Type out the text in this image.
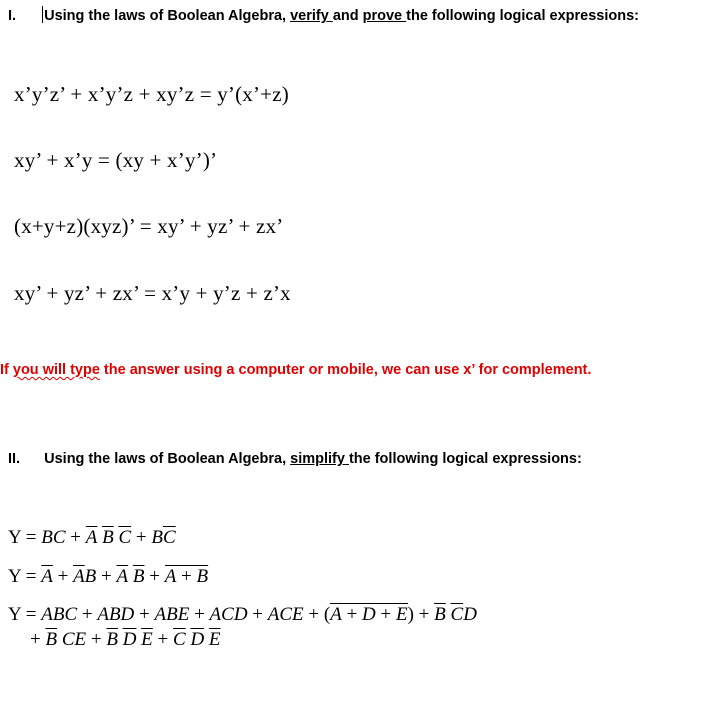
I. Using the laws of Boolean Algebra, verify and prove the following logical expressions:
x’y’z’ + x’y’z + xy’z = y’(x’+z)
xy’ + x’y = (xy + x’y’)’
(x+y+z)(xyz)’ = xy’ + yz’ + zx’
xy’ + yz’ + zx’ = x’y + y’z + z’x
If you will type the answer using a computer or mobile, we can use x’ for complement.
II. Using the laws of Boolean Algebra, simplify the following logical expressions:
Y = BC + $\overline{A}$ $\overline{B}$ $\overline{C} + B\overline{C}$
$Y = \overline{A} + \overline{A}B + \overline{A}$ $\overline{B} + A + \overline{B}$
Y = ABC + ABD + ABE + ACD + ACE + $(A + D + E) + \overline{B}$ $\overline{C}D$
+ $\overline{B}$ CE + $\overline{B}$ $\overline{D}$ $\overline{E} + \overline{C}$ $\overline{D}$ $\overline{E}$
